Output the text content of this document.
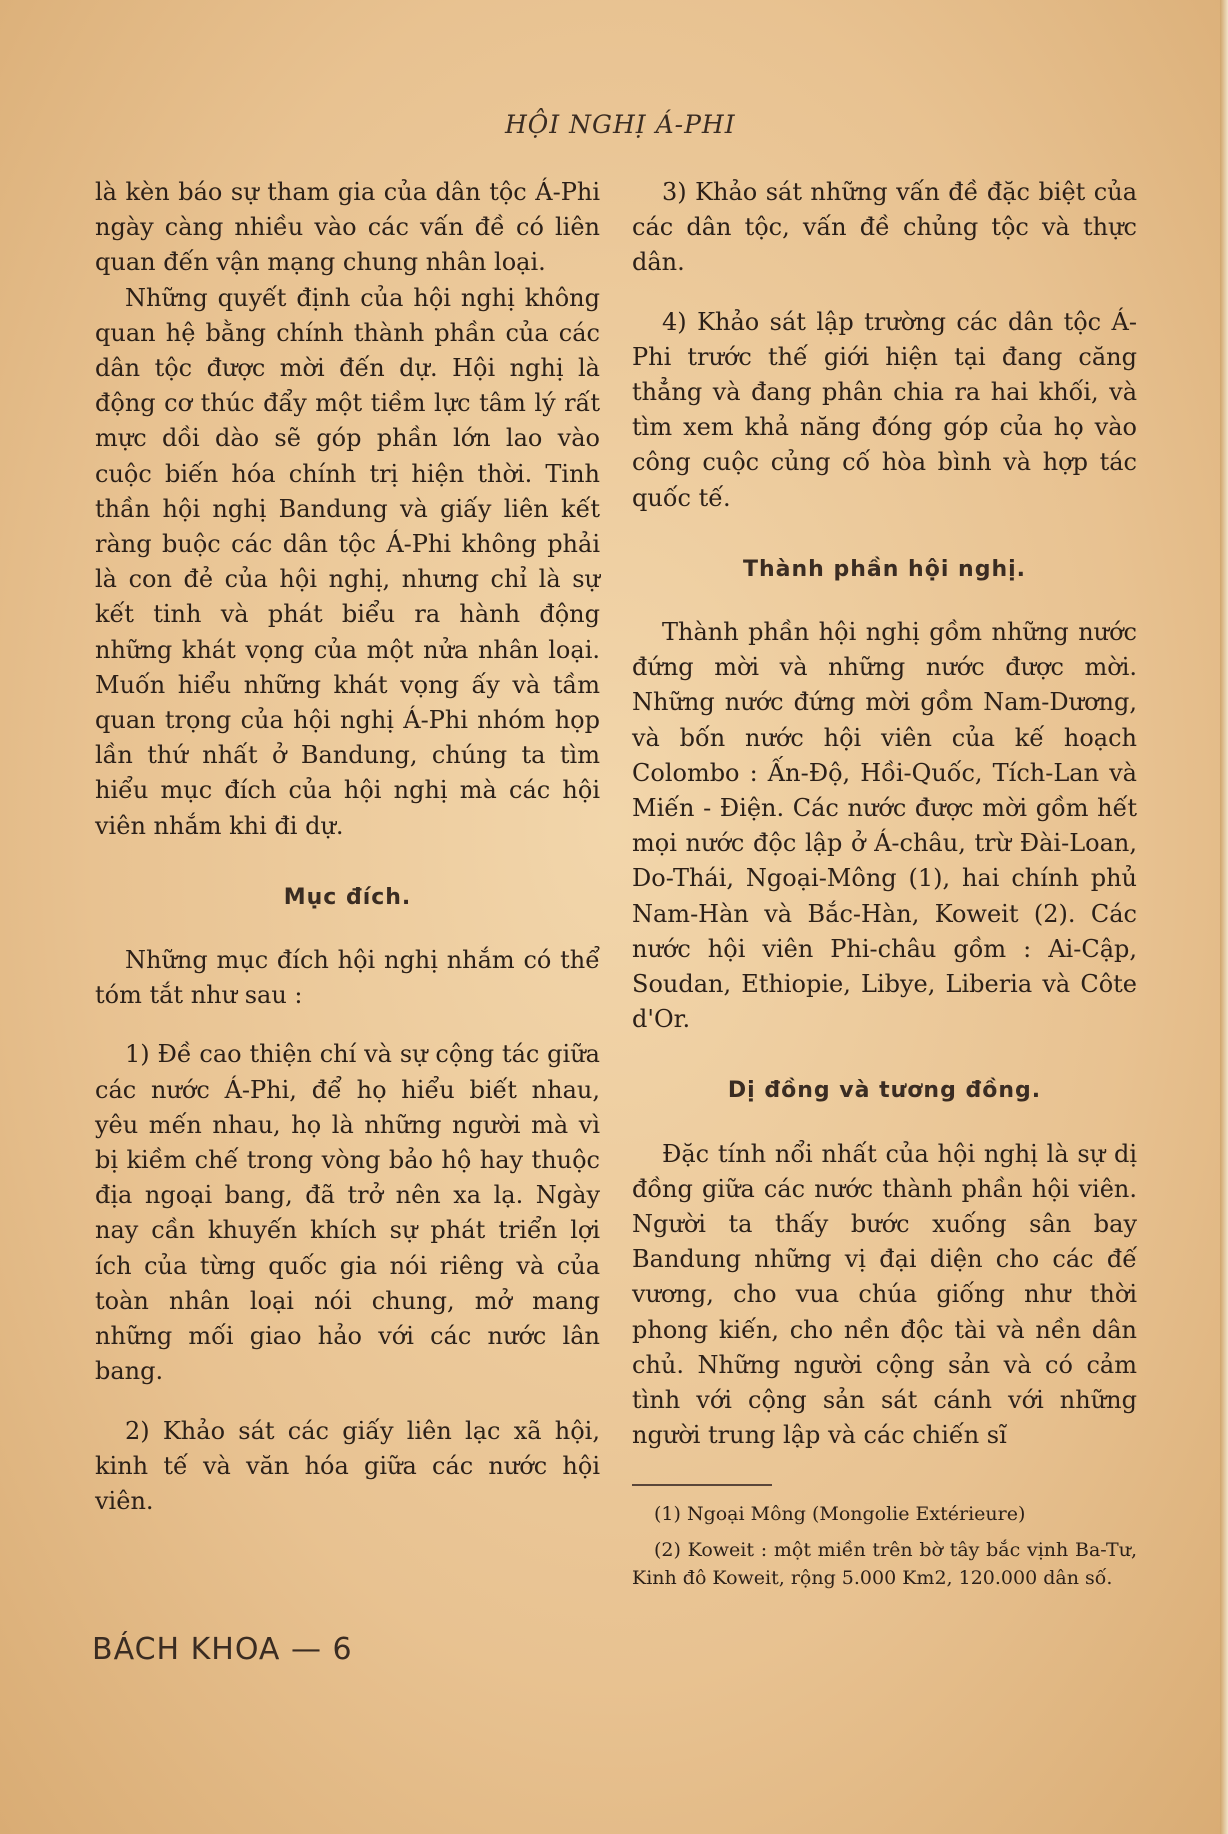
HỘI NGHỊ Á-PHI

là kèn báo sự tham gia của dân tộc Á-Phi ngày càng nhiều vào các vấn đề có liên quan đến vận mạng chung nhân loại.

Những quyết định của hội nghị không quan hệ bằng chính thành phần của các dân tộc được mời đến dự. Hội nghị là động cơ thúc đẩy một tiềm lực tâm lý rất mực dồi dào sẽ góp phần lớn lao vào cuộc biến hóa chính trị hiện thời. Tinh thần hội nghị Bandung và giấy liên kết ràng buộc các dân tộc Á-Phi không phải là con đẻ của hội nghị, nhưng chỉ là sự kết tinh và phát biểu ra hành động những khát vọng của một nửa nhân loại. Muốn hiểu những khát vọng ấy và tầm quan trọng của hội nghị Á-Phi nhóm họp lần thứ nhất ở Bandung, chúng ta tìm hiểu mục đích của hội nghị mà các hội viên nhắm khi đi dự.

Mục đích.

Những mục đích hội nghị nhắm có thể tóm tắt như sau :

1) Đề cao thiện chí và sự cộng tác giữa các nước Á-Phi, để họ hiểu biết nhau, yêu mến nhau, họ là những người mà vì bị kiềm chế trong vòng bảo hộ hay thuộc địa ngoại bang, đã trở nên xa lạ. Ngày nay cần khuyến khích sự phát triển lợi ích của từng quốc gia nói riêng và của toàn nhân loại nói chung, mở mang những mối giao hảo với các nước lân bang.

2) Khảo sát các giấy liên lạc xã hội, kinh tế và văn hóa giữa các nước hội viên.

3) Khảo sát những vấn đề đặc biệt của các dân tộc, vấn đề chủng tộc và thực dân.

4) Khảo sát lập trường các dân tộc Á-Phi trước thế giới hiện tại đang căng thẳng và đang phân chia ra hai khối, và tìm xem khả năng đóng góp của họ vào công cuộc củng cố hòa bình và hợp tác quốc tế.

Thành phần hội nghị.

Thành phần hội nghị gồm những nước đứng mời và những nước được mời. Những nước đứng mời gồm Nam-Dương, và bốn nước hội viên của kế hoạch Colombo : Ấn-Độ, Hồi-Quốc, Tích-Lan và Miến - Điện. Các nước được mời gồm hết mọi nước độc lập ở Á-châu, trừ Đài-Loan, Do-Thái, Ngoại-Mông (1), hai chính phủ Nam-Hàn và Bắc-Hàn, Koweit (2). Các nước hội viên Phi-châu gồm : Ai-Cập, Soudan, Ethiopie, Libye, Liberia và Côte d'Or.

Dị đồng và tương đồng.

Đặc tính nổi nhất của hội nghị là sự dị đồng giữa các nước thành phần hội viên. Người ta thấy bước xuống sân bay Bandung những vị đại diện cho các đế vương, cho vua chúa giống như thời phong kiến, cho nền độc tài và nền dân chủ. Những người cộng sản và có cảm tình với cộng sản sát cánh với những người trung lập và các chiến sĩ

(1) Ngoại Mông (Mongolie Extérieure)

(2) Koweit : một miền trên bờ tây bắc vịnh Ba-Tư, Kinh đô Koweit, rộng 5.000 Km2, 120.000 dân số.

BÁCH KHOA — 6
